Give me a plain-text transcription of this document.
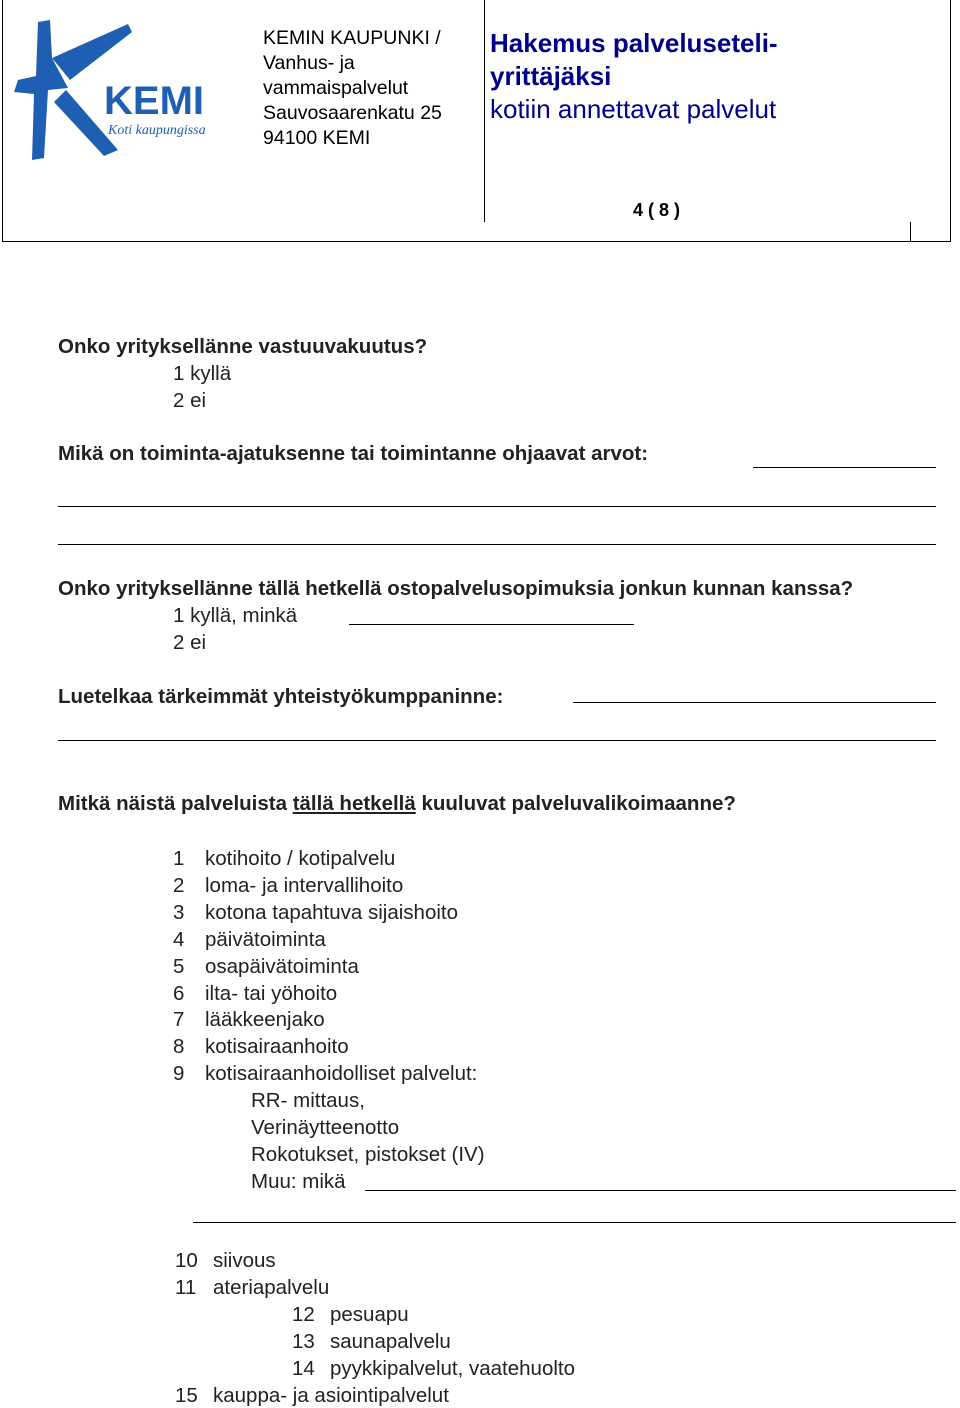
KEMI
Koti kaupungissa
KEMIN KAUPUNKI /
Vanhus- ja
vammaispalvelut
Sauvosaarenkatu 25
94100 KEMI
Hakemus palveluseteli-
yrittäjäksi
kotiin annettavat palvelut
4 ( 8 )
Onko yrityksellänne vastuuvakuutus?
1 kyllä
2 ei
Mikä on toiminta-ajatuksenne tai toimintanne ohjaavat arvot:
Onko yrityksellänne tällä hetkellä ostopalvelusopimuksia jonkun kunnan kanssa?
1 kyllä, minkä
2 ei
Luetelkaa tärkeimmät yhteistyökumppaninne:
Mitkä näistä palveluista tällä hetkellä kuuluvat palveluvalikoimaanne?
1 kotihoito / kotipalvelu
2 loma- ja intervallihoito
3 kotona tapahtuva sijaishoito
4 päivätoiminta
5 osapäivätoiminta
6 ilta- tai yöhoito
7 lääkkeenjako
8 kotisairaanhoito
9 kotisairaanhoidolliset palvelut:
RR- mittaus,
Verinäytteenotto
Rokotukset, pistokset (IV)
Muu: mikä
10 siivous
11 ateriapalvelu
12 pesuapu
13 saunapalvelu
14 pyykkipalvelut, vaatehuolto
15 kauppa- ja asiointipalvelut
